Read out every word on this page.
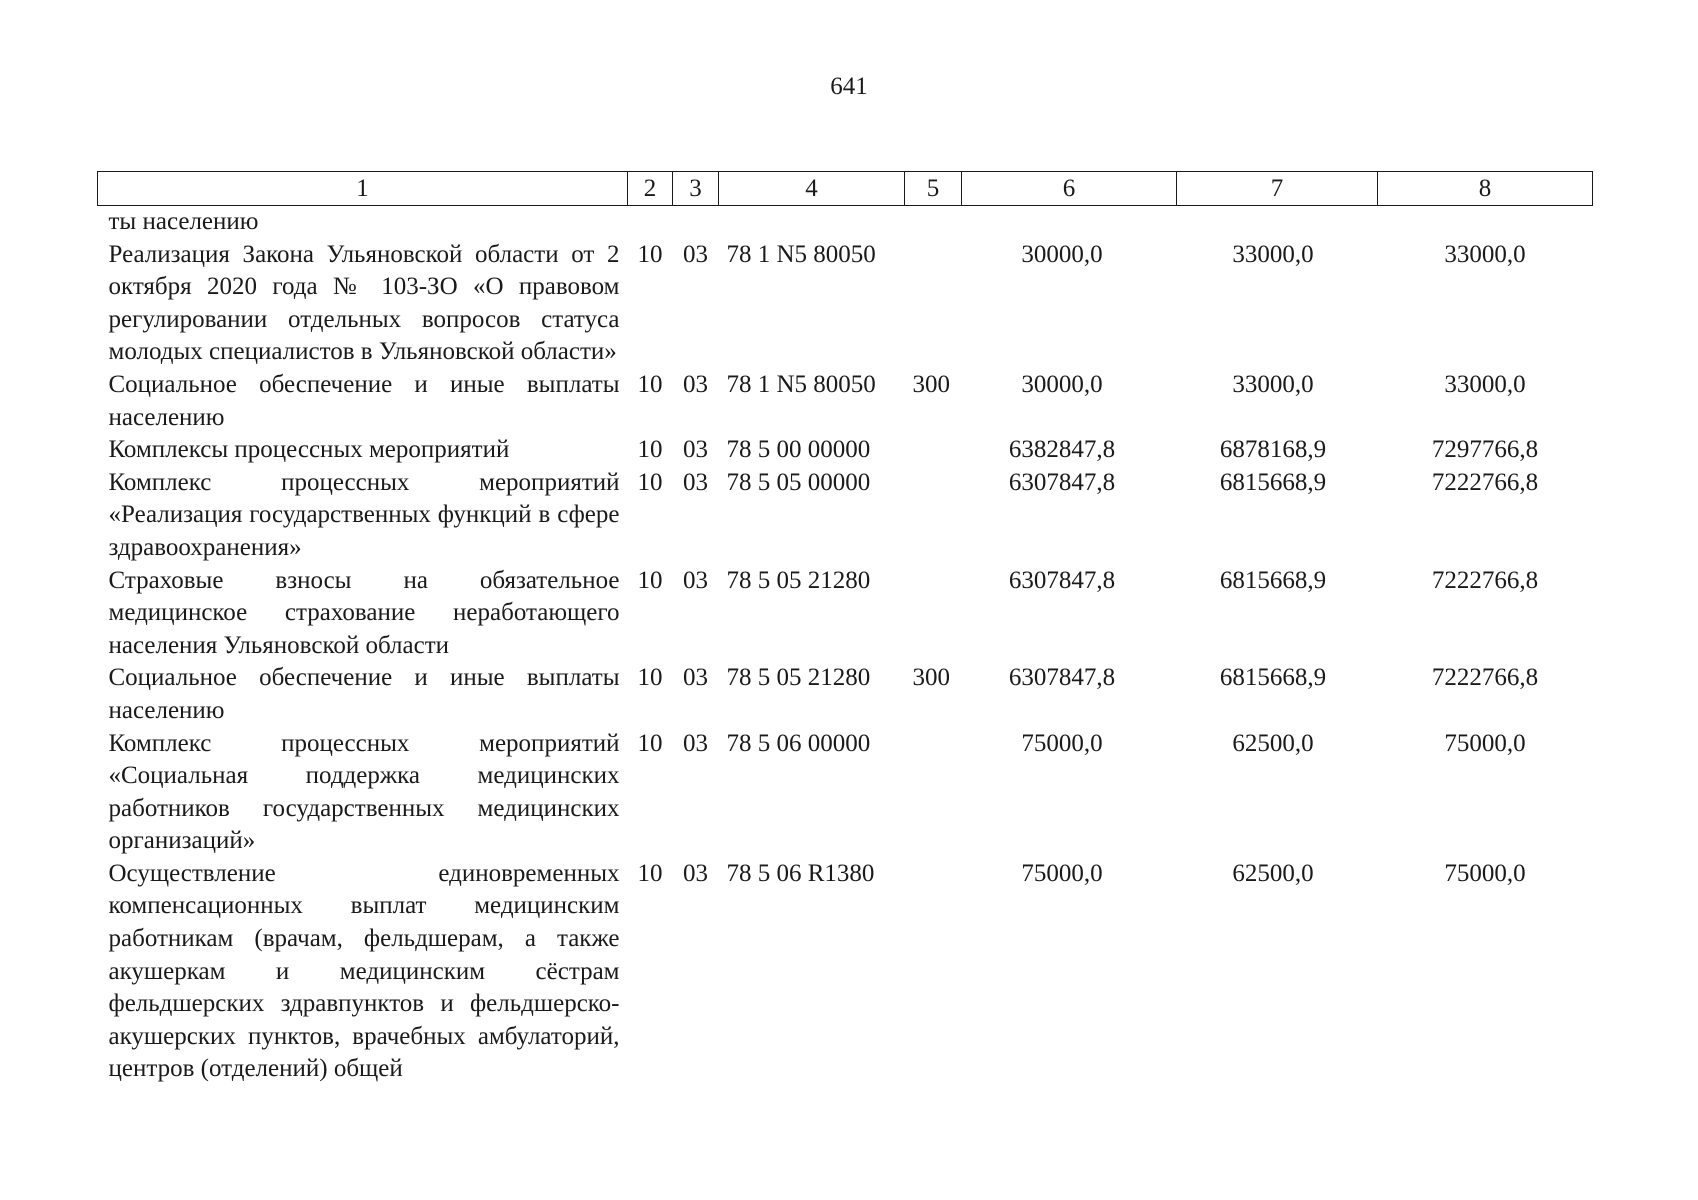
641
1	2	3	4	5	6	7	8
ты населению							
Реализация Закона Ульяновской области от 2 октября 2020 года № 103-ЗО «О правовом регулировании отдельных вопросов статуса молодых специалистов в Ульяновской области»	10	03	78 1 N5 80050		30000,0	33000,0	33000,0
Социальное обеспечение и иные выплаты населению	10	03	78 1 N5 80050	300	30000,0	33000,0	33000,0
Комплексы процессных мероприятий	10	03	78 5 00 00000		6382847,8	6878168,9	7297766,8
Комплекс процессных мероприятий «Реализация государственных функций в сфере здравоохранения»	10	03	78 5 05 00000		6307847,8	6815668,9	7222766,8
Страховые взносы на обязательное медицинское страхование неработающего населения Ульяновской области	10	03	78 5 05 21280		6307847,8	6815668,9	7222766,8
Социальное обеспечение и иные выплаты населению	10	03	78 5 05 21280	300	6307847,8	6815668,9	7222766,8
Комплекс процессных мероприятий «Социальная поддержка медицинских работников государственных медицинских организаций»	10	03	78 5 06 00000		75000,0	62500,0	75000,0
Осуществление единовременных компенсационных выплат медицинским работникам (врачам, фельдшерам, а также акушеркам и медицинским сёстрам фельдшерских здравпунктов и фельдшерско-акушерских пунктов, врачебных амбулаторий, центров (отделений) общей	10	03	78 5 06 R1380		75000,0	62500,0	75000,0
